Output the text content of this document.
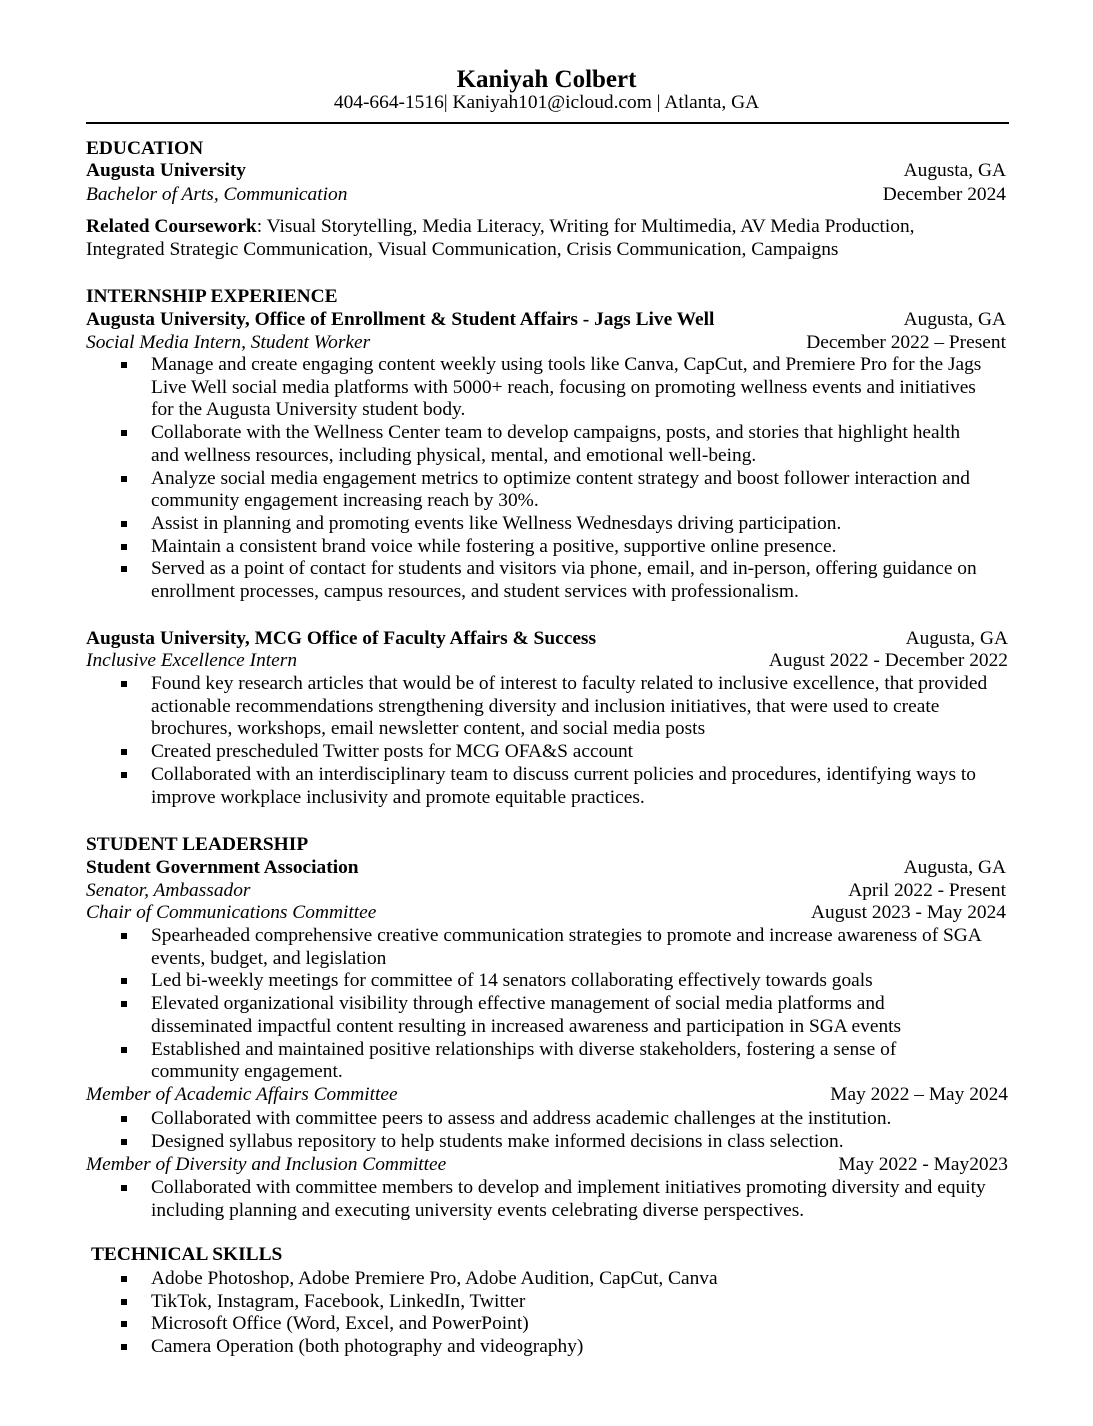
Kaniyah Colbert
404-664-1516| Kaniyah101@icloud.com | Atlanta, GA
EDUCATION
Augusta University	Augusta, GA
Bachelor of Arts, Communication	December 2024
Related Coursework: Visual Storytelling, Media Literacy, Writing for Multimedia, AV Media Production,
Integrated Strategic Communication, Visual Communication, Crisis Communication, Campaigns
INTERNSHIP EXPERIENCE
Augusta University, Office of Enrollment & Student Affairs - Jags Live Well	Augusta, GA
Social Media Intern, Student Worker	December 2022 – Present
Manage and create engaging content weekly using tools like Canva, CapCut, and Premiere Pro for the Jags
Live Well social media platforms with 5000+ reach, focusing on promoting wellness events and initiatives
for the Augusta University student body.
Collaborate with the Wellness Center team to develop campaigns, posts, and stories that highlight health
and wellness resources, including physical, mental, and emotional well-being.
Analyze social media engagement metrics to optimize content strategy and boost follower interaction and
community engagement increasing reach by 30%.
Assist in planning and promoting events like Wellness Wednesdays driving participation.
Maintain a consistent brand voice while fostering a positive, supportive online presence.
Served as a point of contact for students and visitors via phone, email, and in-person, offering guidance on
enrollment processes, campus resources, and student services with professionalism.
Augusta University, MCG Office of Faculty Affairs & Success	Augusta, GA
Inclusive Excellence Intern	August 2022 - December 2022
Found key research articles that would be of interest to faculty related to inclusive excellence, that provided
actionable recommendations strengthening diversity and inclusion initiatives, that were used to create
brochures, workshops, email newsletter content, and social media posts
Created prescheduled Twitter posts for MCG OFA&S account
Collaborated with an interdisciplinary team to discuss current policies and procedures, identifying ways to
improve workplace inclusivity and promote equitable practices.
STUDENT LEADERSHIP
Student Government Association	Augusta, GA
Senator, Ambassador	April 2022 - Present
Chair of Communications Committee	August 2023 - May 2024
Spearheaded comprehensive creative communication strategies to promote and increase awareness of SGA
events, budget, and legislation
Led bi-weekly meetings for committee of 14 senators collaborating effectively towards goals
Elevated organizational visibility through effective management of social media platforms and
disseminated impactful content resulting in increased awareness and participation in SGA events
Established and maintained positive relationships with diverse stakeholders, fostering a sense of
community engagement.
Member of Academic Affairs Committee	May 2022 – May 2024
Collaborated with committee peers to assess and address academic challenges at the institution.
Designed syllabus repository to help students make informed decisions in class selection.
Member of Diversity and Inclusion Committee	May 2022 - May2023
Collaborated with committee members to develop and implement initiatives promoting diversity and equity
including planning and executing university events celebrating diverse perspectives.
TECHNICAL SKILLS
Adobe Photoshop, Adobe Premiere Pro, Adobe Audition, CapCut, Canva
TikTok, Instagram, Facebook, LinkedIn, Twitter
Microsoft Office (Word, Excel, and PowerPoint)
Camera Operation (both photography and videography)
